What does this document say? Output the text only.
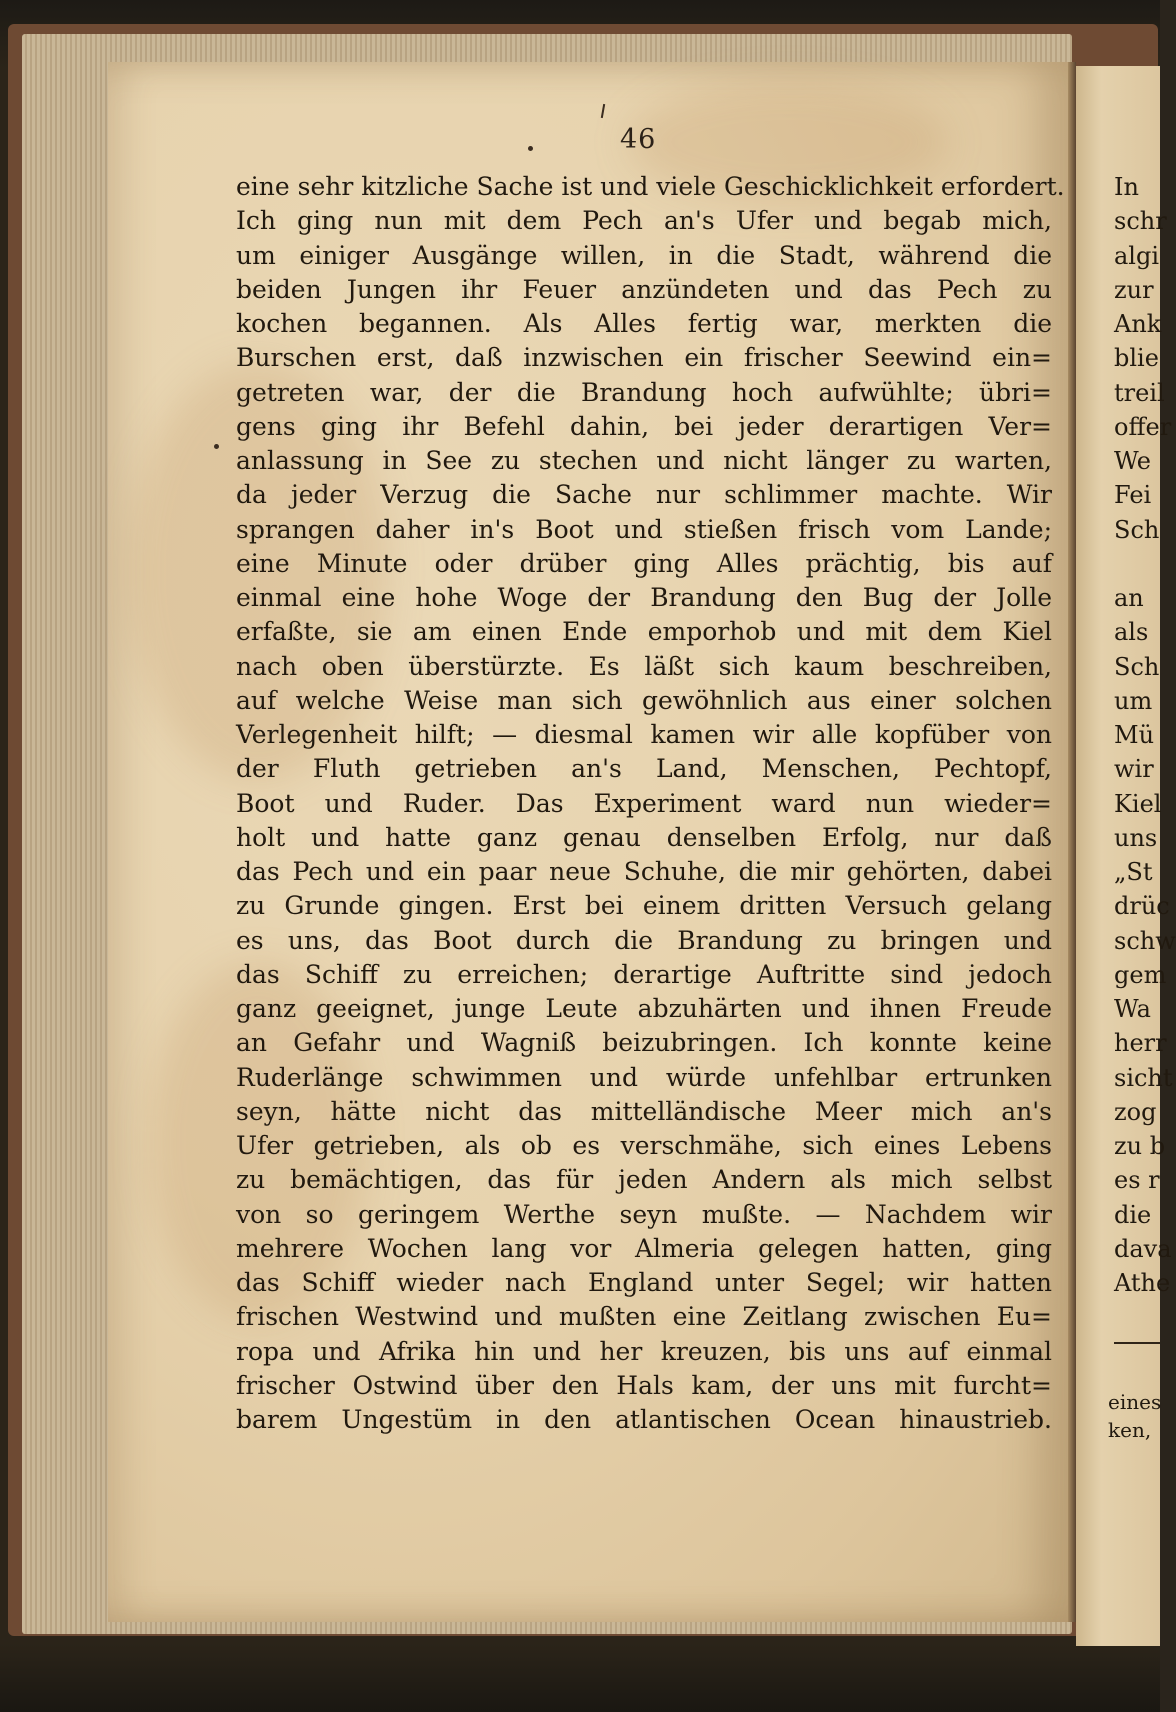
46
eine sehr kitzliche Sache ist und viele Geschicklichkeit erfordert.
Ich ging nun mit dem Pech an's Ufer und begab mich,
um einiger Ausgänge willen, in die Stadt, während die
beiden Jungen ihr Feuer anzündeten und das Pech zu
kochen begannen. Als Alles fertig war, merkten die
Burschen erst, daß inzwischen ein frischer Seewind ein=
getreten war, der die Brandung hoch aufwühlte; übri=
gens ging ihr Befehl dahin, bei jeder derartigen Ver=
anlassung in See zu stechen und nicht länger zu warten,
da jeder Verzug die Sache nur schlimmer machte. Wir
sprangen daher in's Boot und stießen frisch vom Lande;
eine Minute oder drüber ging Alles prächtig, bis auf
einmal eine hohe Woge der Brandung den Bug der Jolle
erfaßte, sie am einen Ende emporhob und mit dem Kiel
nach oben überstürzte. Es läßt sich kaum beschreiben,
auf welche Weise man sich gewöhnlich aus einer solchen
Verlegenheit hilft; — diesmal kamen wir alle kopfüber von
der Fluth getrieben an's Land, Menschen, Pechtopf,
Boot und Ruder. Das Experiment ward nun wieder=
holt und hatte ganz genau denselben Erfolg, nur daß
das Pech und ein paar neue Schuhe, die mir gehörten, dabei
zu Grunde gingen. Erst bei einem dritten Versuch gelang
es uns, das Boot durch die Brandung zu bringen und
das Schiff zu erreichen; derartige Auftritte sind jedoch
ganz geeignet, junge Leute abzuhärten und ihnen Freude
an Gefahr und Wagniß beizubringen. Ich konnte keine
Ruderlänge schwimmen und würde unfehlbar ertrunken
seyn, hätte nicht das mittelländische Meer mich an's
Ufer getrieben, als ob es verschmähe, sich eines Lebens
zu bemächtigen, das für jeden Andern als mich selbst
von so geringem Werthe seyn mußte. — Nachdem wir
mehrere Wochen lang vor Almeria gelegen hatten, ging
das Schiff wieder nach England unter Segel; wir hatten
frischen Westwind und mußten eine Zeitlang zwischen Eu=
ropa und Afrika hin und her kreuzen, bis uns auf einmal
frischer Ostwind über den Hals kam, der uns mit furcht=
barem Ungestüm in den atlantischen Ocean hinaustrieb.
In
schr
algi
zur
Ank
blie
treil
offer
We
Fei
Sch
an
als
Sch
um
Mü
wir
Kiel
uns
„St
drüc
schw
gem
Wa
herr
sicht
zog
zu b
es r
die
dava
Athe
eines
ken,
